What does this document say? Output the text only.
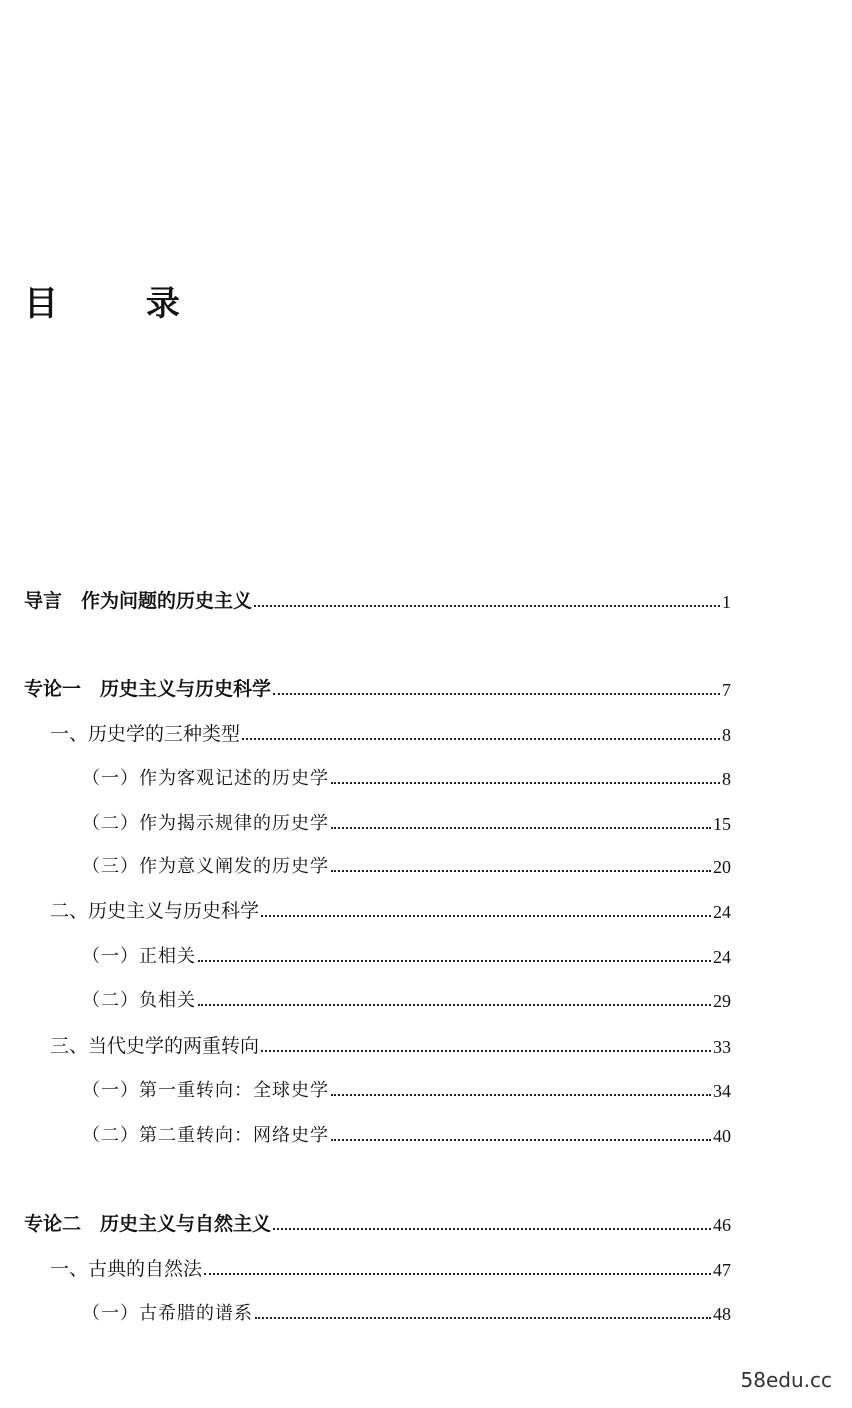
目 录
导言　作为问题的历史主义	1
专论一　历史主义与历史科学	7
一、历史学的三种类型	8
（一）作为客观记述的历史学	8
（二）作为揭示规律的历史学	15
（三）作为意义阐发的历史学	20
二、历史主义与历史科学	24
（一）正相关	24
（二）负相关	29
三、当代史学的两重转向	33
（一）第一重转向：全球史学	34
（二）第二重转向：网络史学	40
专论二　历史主义与自然主义	46
一、古典的自然法	47
（一）古希腊的谱系	48
58edu.cc
